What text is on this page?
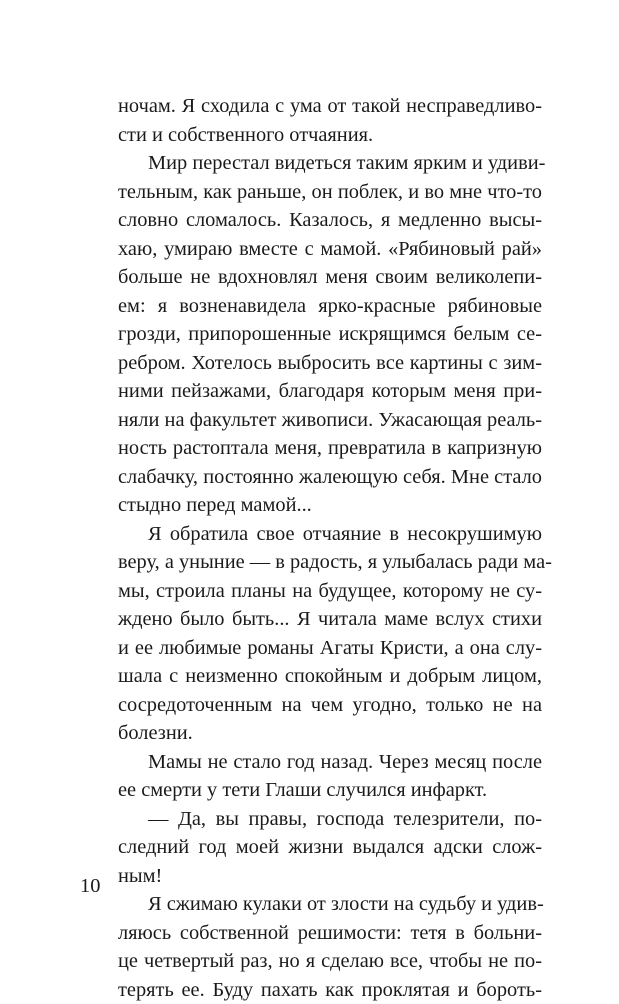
ночам. Я сходила с ума от такой несправедливо-
сти и собственного отчаяния.
Мир перестал видеться таким ярким и удиви-
тельным, как раньше, он поблек, и во мне что-то
словно сломалось. Казалось, я медленно высы-
хаю, умираю вместе с мамой. «Рябиновый рай»
больше не вдохновлял меня своим великолепи-
ем: я возненавидела ярко-красные рябиновые
грозди, припорошенные искрящимся белым се-
ребром. Хотелось выбросить все картины с зим-
ними пейзажами, благодаря которым меня при-
няли на факультет живописи. Ужасающая реаль-
ность растоптала меня, превратила в капризную
слабачку, постоянно жалеющую себя. Мне стало
стыдно перед мамой...
Я обратила свое отчаяние в несокрушимую
веру, а уныние — в радость, я улыбалась ради ма-
мы, строила планы на будущее, которому не су-
ждено было быть... Я читала маме вслух стихи
и ее любимые романы Агаты Кристи, а она слу-
шала с неизменно спокойным и добрым лицом,
сосредоточенным на чем угодно, только не на
болезни.
Мамы не стало год назад. Через месяц после
ее смерти у тети Глаши случился инфаркт.
— Да, вы правы, господа телезрители, по-
следний год моей жизни выдался адски слож-
ным!
Я сжимаю кулаки от злости на судьбу и удив-
ляюсь собственной решимости: тетя в больни-
це четвертый раз, но я сделаю все, чтобы не по-
терять ее. Буду пахать как проклятая и бороть-
10
